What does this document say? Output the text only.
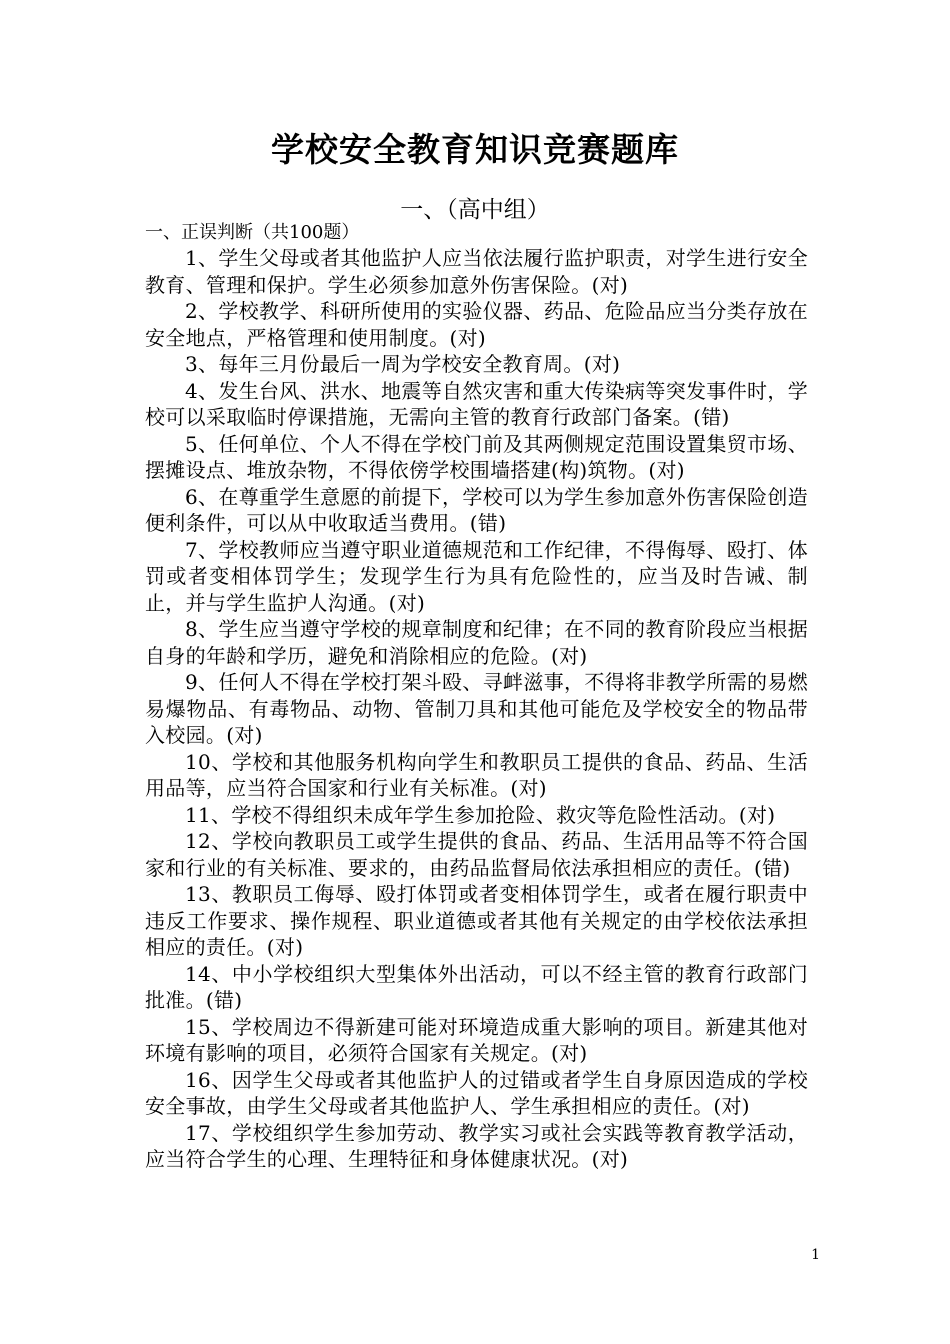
学校安全教育知识竞赛题库
一、（高中组）
一、正误判断（共100题）

1、学生父母或者其他监护人应当依法履行监护职责，对学生进行安全教育、管理和保护。学生必须参加意外伤害保险。(对)

2、学校教学、科研所使用的实验仪器、药品、危险品应当分类存放在安全地点，严格管理和使用制度。(对)

3、每年三月份最后一周为学校安全教育周。(对)

4、发生台风、洪水、地震等自然灾害和重大传染病等突发事件时，学校可以采取临时停课措施，无需向主管的教育行政部门备案。(错)

5、任何单位、个人不得在学校门前及其两侧规定范围设置集贸市场、摆摊设点、堆放杂物，不得依傍学校围墙搭建(构)筑物。(对)

6、在尊重学生意愿的前提下，学校可以为学生参加意外伤害保险创造便利条件，可以从中收取适当费用。(错)

7、学校教师应当遵守职业道德规范和工作纪律，不得侮辱、殴打、体罚或者变相体罚学生；发现学生行为具有危险性的，应当及时告诫、制止，并与学生监护人沟通。(对)

8、学生应当遵守学校的规章制度和纪律；在不同的教育阶段应当根据自身的年龄和学历，避免和消除相应的危险。(对)

9、任何人不得在学校打架斗殴、寻衅滋事，不得将非教学所需的易燃易爆物品、有毒物品、动物、管制刀具和其他可能危及学校安全的物品带入校园。(对)

10、学校和其他服务机构向学生和教职员工提供的食品、药品、生活用品等，应当符合国家和行业有关标准。(对)

11、学校不得组织未成年学生参加抢险、救灾等危险性活动。(对)

12、学校向教职员工或学生提供的食品、药品、生活用品等不符合国家和行业的有关标准、要求的，由药品监督局依法承担相应的责任。(错)

13、教职员工侮辱、殴打体罚或者变相体罚学生，或者在履行职责中违反工作要求、操作规程、职业道德或者其他有关规定的由学校依法承担相应的责任。(对)

14、中小学校组织大型集体外出活动，可以不经主管的教育行政部门批准。(错)

15、学校周边不得新建可能对环境造成重大影响的项目。新建其他对环境有影响的项目，必须符合国家有关规定。(对)

16、因学生父母或者其他监护人的过错或者学生自身原因造成的学校安全事故，由学生父母或者其他监护人、学生承担相应的责任。(对)

17、学校组织学生参加劳动、教学实习或社会实践等教育教学活动，应当符合学生的心理、生理特征和身体健康状况。(对)

1
